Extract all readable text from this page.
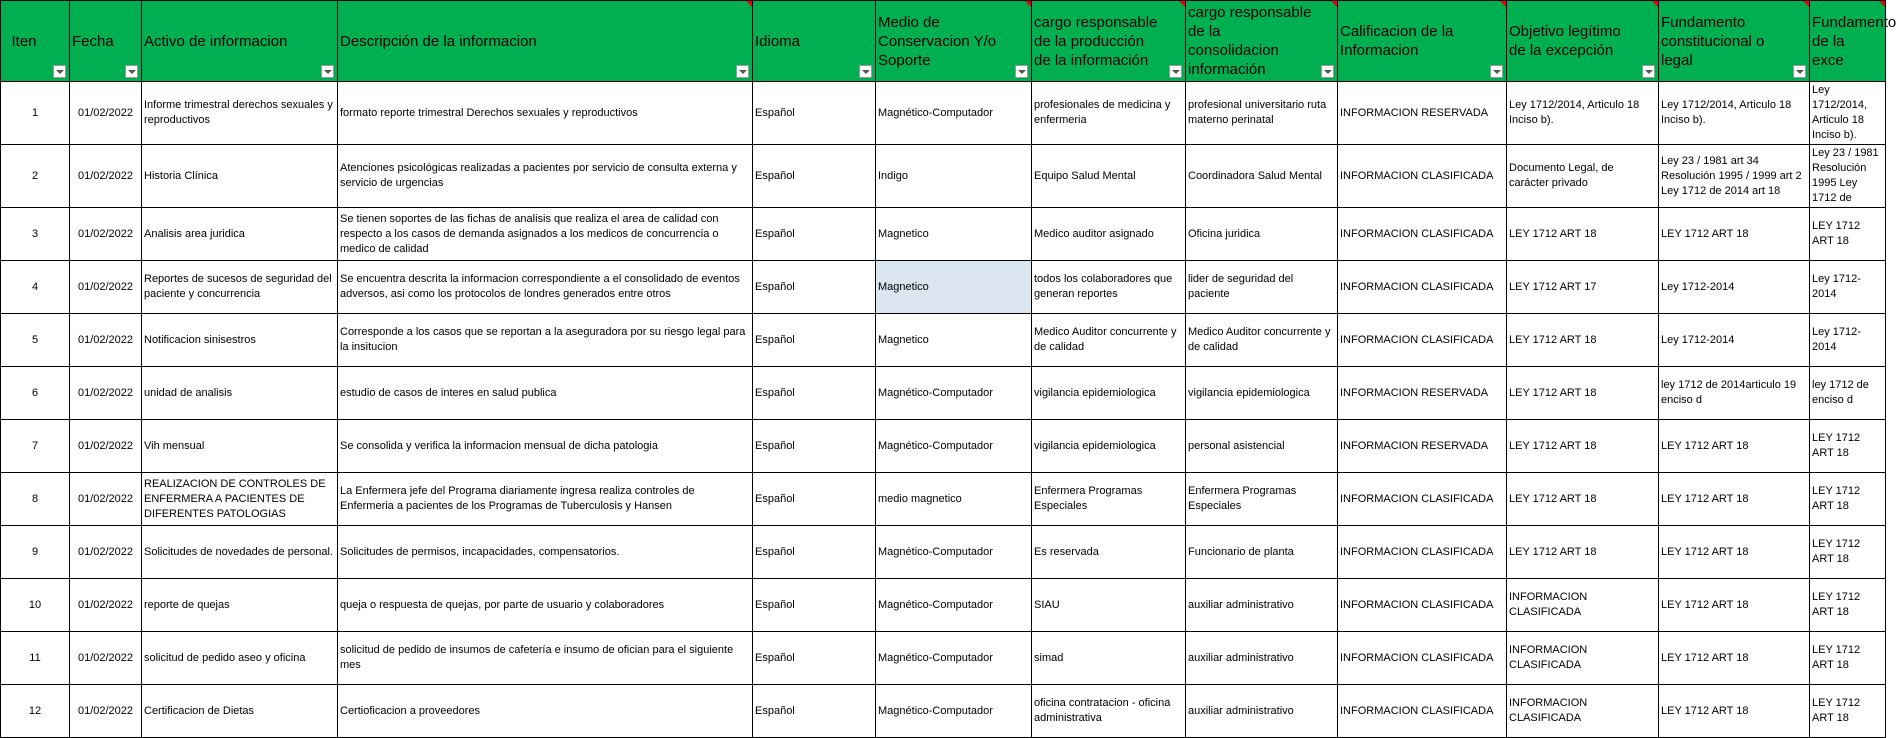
Iten	Fecha	Activo de informacion	Descripción de la informacion	Idioma	Medio de Conservacion Y/o Soporte	cargo responsable de la producción de la información	cargo responsable de la consolidacion información	Calificacion de la Informacion	Objetivo legítimo de la excepción	Fundamento constitucional o legal	Fundamento de la exce

1	01/02/2022	Informe trimestral derechos sexuales y reproductivos	formato reporte trimestral Derechos sexuales y reproductivos	Español	Magnético-Computador	profesionales de medicina y enfermeria	profesional universitario ruta materno perinatal	INFORMACION RESERVADA	Ley 1712/2014, Articulo 18 Inciso b).	Ley 1712/2014, Articulo 18 Inciso b).	Ley 1712/2014, Articulo 18 Inciso b).
2	01/02/2022	Historia Clínica	Atenciones psicológicas realizadas a pacientes por servicio de consulta externa y servicio de urgencias	Español	Indigo	Equipo Salud Mental	Coordinadora Salud Mental	INFORMACION CLASIFICADA	Documento Legal, de carácter privado	Ley 23 / 1981 art 34 Resolución 1995 / 1999 art 2 Ley 1712 de 2014 art 18	Ley 23 / 1981 Resolución 1995 Ley 1712 de
3	01/02/2022	Analisis area juridica	Se tienen soportes de las fichas de analisis que realiza el area de calidad con respecto a los casos de demanda asignados a los medicos de concurrencia o medico de calidad	Español	Magnetico	Medico auditor asignado	Oficina juridica	INFORMACION CLASIFICADA	LEY 1712 ART 18	LEY 1712 ART 18	LEY 1712 ART 18
4	01/02/2022	Reportes de sucesos de seguridad del paciente y concurrencia	Se encuentra descrita la informacion correspondiente a el consolidado de eventos adversos, asi como los protocolos de londres generados entre otros	Español	Magnetico	todos los colaboradores que generan reportes	lider de seguridad del paciente	INFORMACION CLASIFICADA	LEY 1712 ART 17	Ley 1712-2014	Ley 1712-2014
5	01/02/2022	Notificacion sinisestros	Corresponde a los casos que se reportan a la aseguradora por su riesgo legal para la insitucion	Español	Magnetico	Medico Auditor concurrente y de calidad	Medico Auditor concurrente y de calidad	INFORMACION CLASIFICADA	LEY 1712 ART 18	Ley 1712-2014	Ley 1712-2014
6	01/02/2022	unidad de analisis	estudio de casos de interes en salud publica	Español	Magnético-Computador	vigilancia epidemiologica	vigilancia epidemiologica	INFORMACION RESERVADA	LEY 1712 ART 18	ley 1712 de 2014articulo 19 enciso d	ley 1712 de enciso d
7	01/02/2022	Vih mensual	Se consolida y verifica la informacion mensual de dicha patologia	Español	Magnético-Computador	vigilancia epidemiologica	personal asistencial	INFORMACION RESERVADA	LEY 1712 ART 18	LEY 1712 ART 18	LEY 1712 ART 18
8	01/02/2022	REALIZACION DE CONTROLES DE ENFERMERA A PACIENTES DE DIFERENTES PATOLOGIAS	La Enfermera jefe del Programa diariamente ingresa realiza controles de Enfermeria a pacientes de los Programas de Tuberculosis y Hansen	Español	medio magnetico	Enfermera Programas Especiales	Enfermera Programas Especiales	INFORMACION CLASIFICADA	LEY 1712 ART 18	LEY 1712 ART 18	LEY 1712 ART 18
9	01/02/2022	Solicitudes de novedades de personal.	Solicitudes de permisos, incapacidades, compensatorios.	Español	Magnético-Computador	Es reservada	Funcionario de planta	INFORMACION CLASIFICADA	LEY 1712 ART 18	LEY 1712 ART 18	LEY 1712 ART 18
10	01/02/2022	reporte de quejas	queja o respuesta de quejas, por parte de usuario y colaboradores	Español	Magnético-Computador	SIAU	auxiliar administrativo	INFORMACION CLASIFICADA	INFORMACION CLASIFICADA	LEY 1712 ART 18	LEY 1712 ART 18
11	01/02/2022	solicitud de pedido aseo y oficina	solicitud de pedido de insumos de cafetería e insumo de ofician para el siguiente mes	Español	Magnético-Computador	simad	auxiliar administrativo	INFORMACION CLASIFICADA	INFORMACION CLASIFICADA	LEY 1712 ART 18	LEY 1712 ART 18
12	01/02/2022	Certificacion de Dietas	Certioficacion a proveedores	Español	Magnético-Computador	oficina contratacion - oficina administrativa	auxiliar administrativo	INFORMACION CLASIFICADA	INFORMACION CLASIFICADA	LEY 1712 ART 18	LEY 1712 ART 18
